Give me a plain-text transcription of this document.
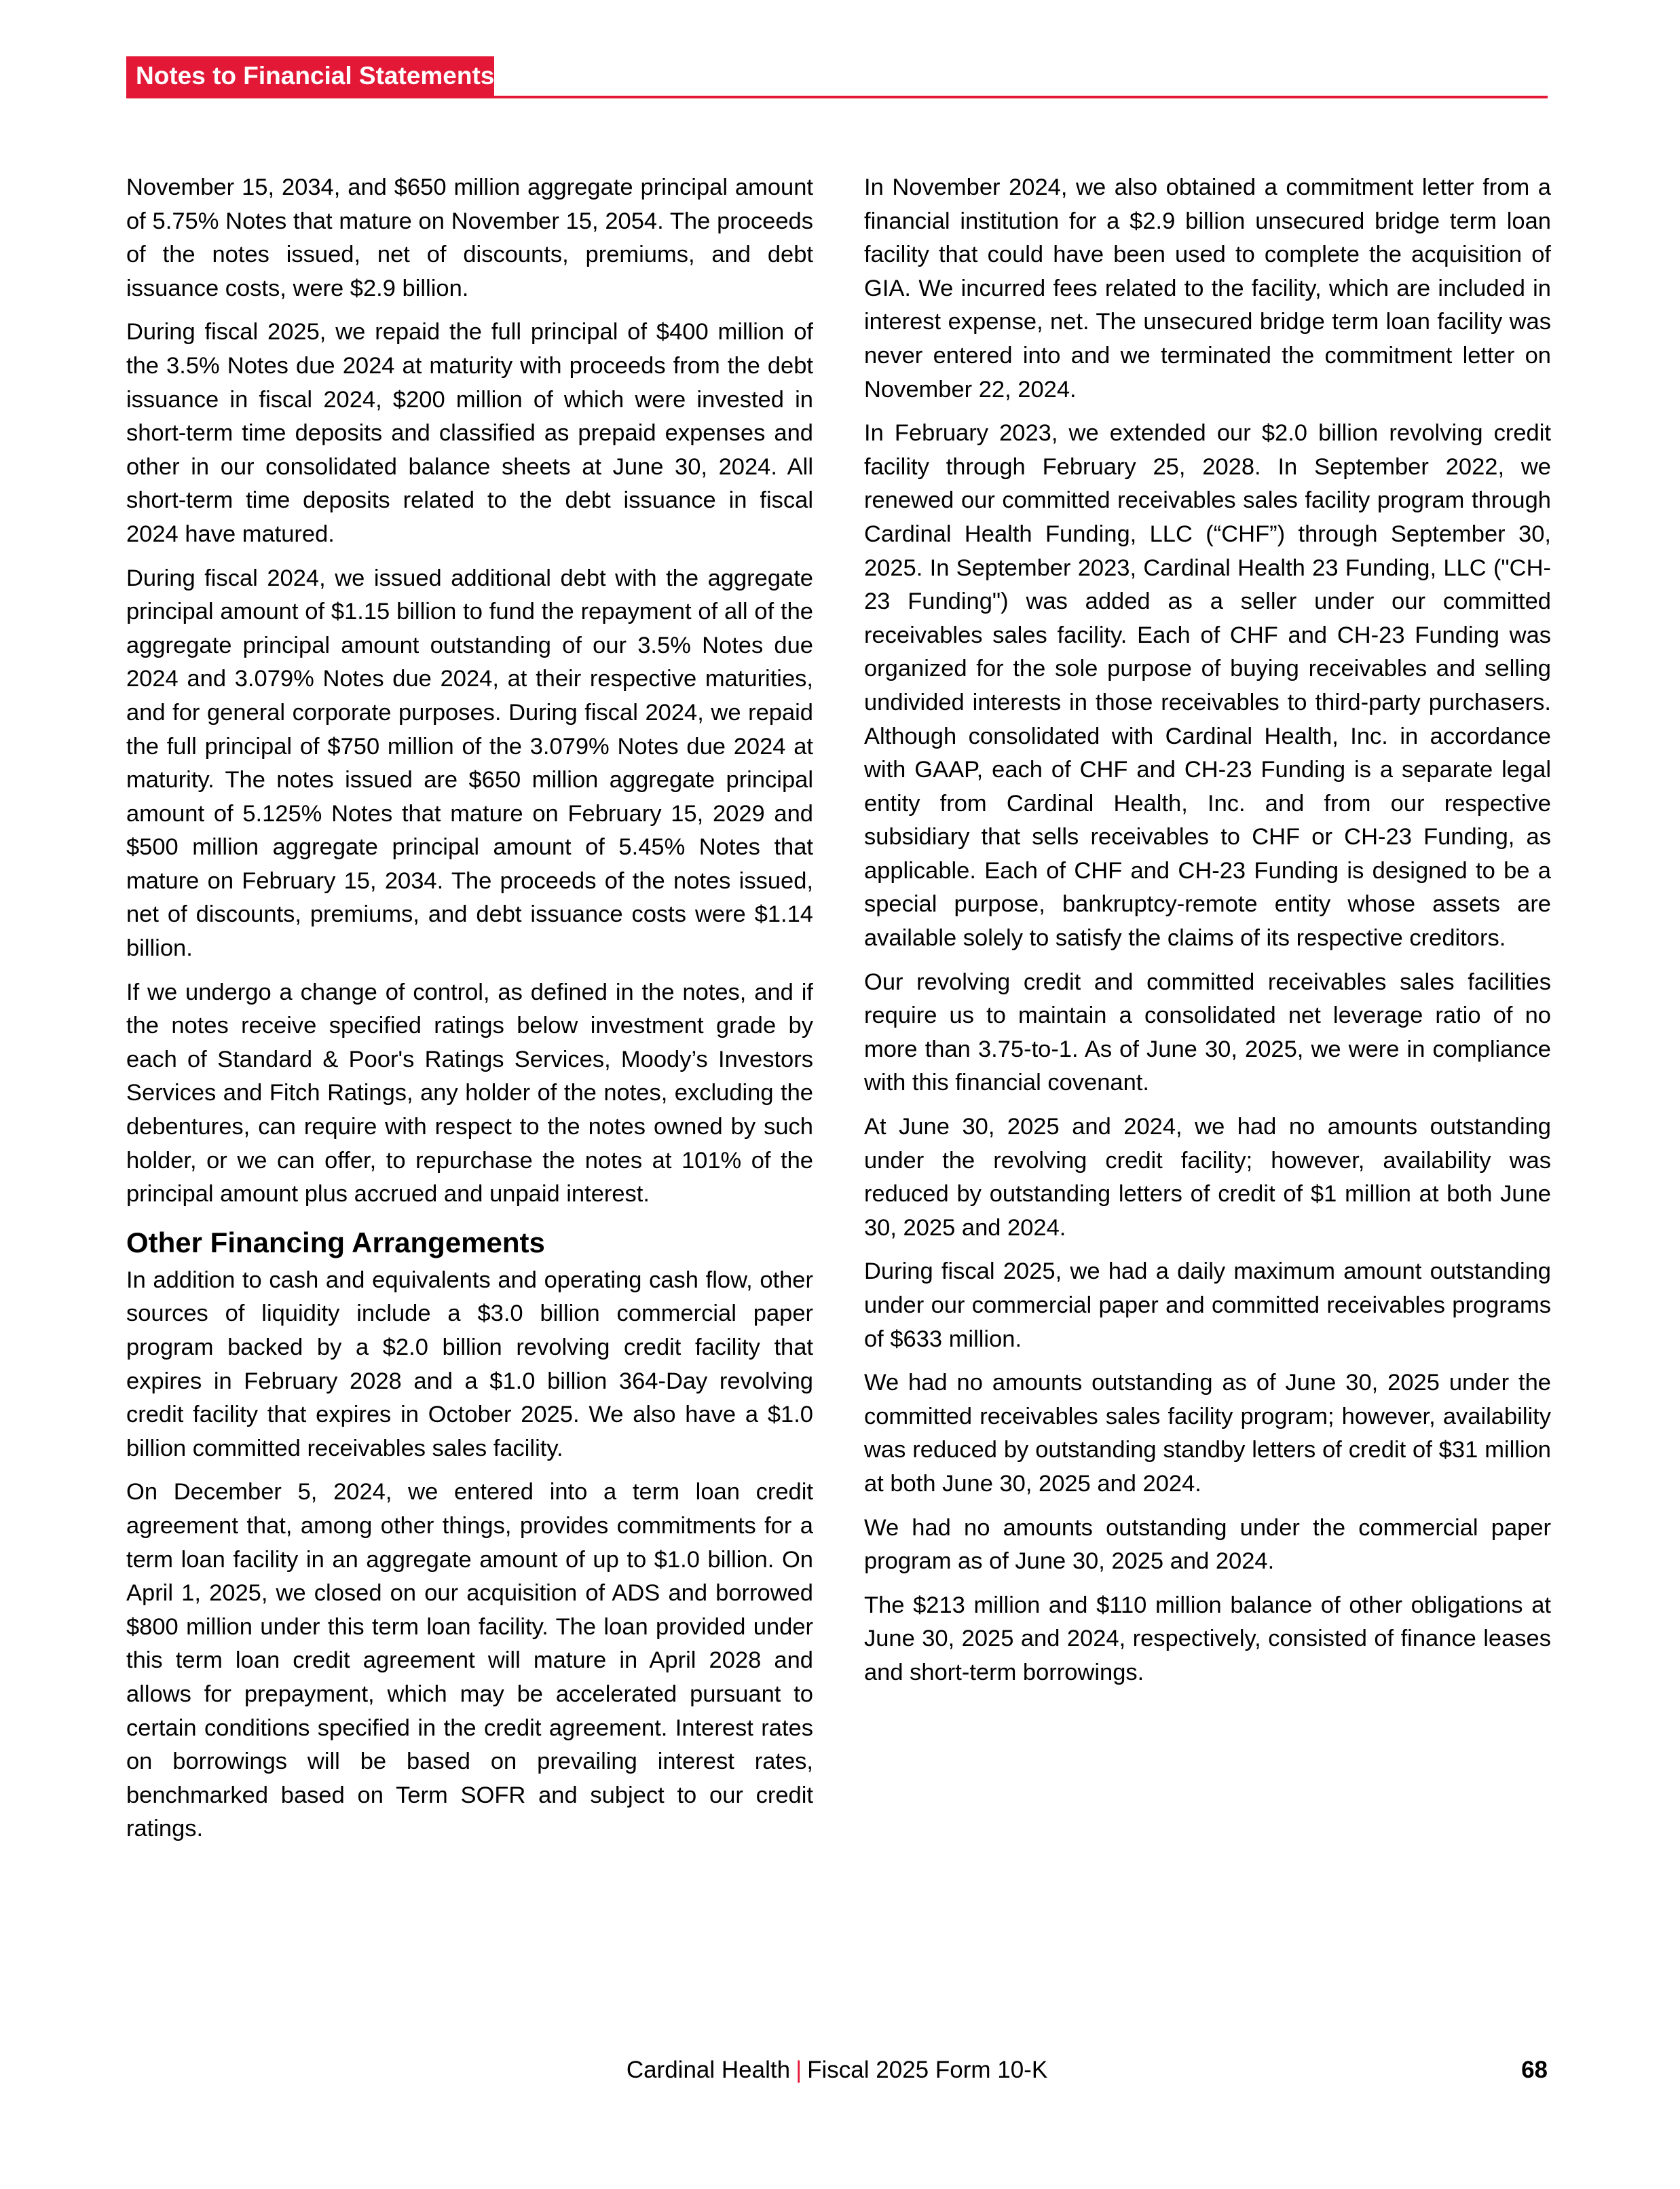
Notes to Financial Statements

November 15, 2034, and $650 million aggregate principal amount of 5.75% Notes that mature on November 15, 2054. The proceeds of the notes issued, net of discounts, premiums, and debt issuance costs, were $2.9 billion.

During fiscal 2025, we repaid the full principal of $400 million of the 3.5% Notes due 2024 at maturity with proceeds from the debt issuance in fiscal 2024, $200 million of which were invested in short-term time deposits and classified as prepaid expenses and other in our consolidated balance sheets at June 30, 2024. All short-term time deposits related to the debt issuance in fiscal 2024 have matured.

During fiscal 2024, we issued additional debt with the aggregate principal amount of $1.15 billion to fund the repayment of all of the aggregate principal amount outstanding of our 3.5% Notes due 2024 and 3.079% Notes due 2024, at their respective maturities, and for general corporate purposes. During fiscal 2024, we repaid the full principal of $750 million of the 3.079% Notes due 2024 at maturity. The notes issued are $650 million aggregate principal amount of 5.125% Notes that mature on February 15, 2029 and $500 million aggregate principal amount of 5.45% Notes that mature on February 15, 2034. The proceeds of the notes issued, net of discounts, premiums, and debt issuance costs were $1.14 billion.

If we undergo a change of control, as defined in the notes, and if the notes receive specified ratings below investment grade by each of Standard & Poor's Ratings Services, Moody’s Investors Services and Fitch Ratings, any holder of the notes, excluding the debentures, can require with respect to the notes owned by such holder, or we can offer, to repurchase the notes at 101% of the principal amount plus accrued and unpaid interest.

Other Financing Arrangements

In addition to cash and equivalents and operating cash flow, other sources of liquidity include a $3.0 billion commercial paper program backed by a $2.0 billion revolving credit facility that expires in February 2028 and a $1.0 billion 364-Day revolving credit facility that expires in October 2025. We also have a $1.0 billion committed receivables sales facility.

On December 5, 2024, we entered into a term loan credit agreement that, among other things, provides commitments for a term loan facility in an aggregate amount of up to $1.0 billion. On April 1, 2025, we closed on our acquisition of ADS and borrowed $800 million under this term loan facility. The loan provided under this term loan credit agreement will mature in April 2028 and allows for prepayment, which may be accelerated pursuant to certain conditions specified in the credit agreement. Interest rates on borrowings will be based on prevailing interest rates, benchmarked based on Term SOFR and subject to our credit ratings.

In November 2024, we also obtained a commitment letter from a financial institution for a $2.9 billion unsecured bridge term loan facility that could have been used to complete the acquisition of GIA. We incurred fees related to the facility, which are included in interest expense, net. The unsecured bridge term loan facility was never entered into and we terminated the commitment letter on November 22, 2024.

In February 2023, we extended our $2.0 billion revolving credit facility through February 25, 2028. In September 2022, we renewed our committed receivables sales facility program through Cardinal Health Funding, LLC (“CHF”) through September 30, 2025. In September 2023, Cardinal Health 23 Funding, LLC ("CH-23 Funding") was added as a seller under our committed receivables sales facility. Each of CHF and CH-23 Funding was organized for the sole purpose of buying receivables and selling undivided interests in those receivables to third-party purchasers. Although consolidated with Cardinal Health, Inc. in accordance with GAAP, each of CHF and CH-23 Funding is a separate legal entity from Cardinal Health, Inc. and from our respective subsidiary that sells receivables to CHF or CH-23 Funding, as applicable. Each of CHF and CH-23 Funding is designed to be a special purpose, bankruptcy-remote entity whose assets are available solely to satisfy the claims of its respective creditors.

Our revolving credit and committed receivables sales facilities require us to maintain a consolidated net leverage ratio of no more than 3.75-to-1. As of June 30, 2025, we were in compliance with this financial covenant.

At June 30, 2025 and 2024, we had no amounts outstanding under the revolving credit facility; however, availability was reduced by outstanding letters of credit of $1 million at both June 30, 2025 and 2024.

During fiscal 2025, we had a daily maximum amount outstanding under our commercial paper and committed receivables programs of $633 million.

We had no amounts outstanding as of June 30, 2025 under the committed receivables sales facility program; however, availability was reduced by outstanding standby letters of credit of $31 million at both June 30, 2025 and 2024.

We had no amounts outstanding under the commercial paper program as of June 30, 2025 and 2024.

The $213 million and $110 million balance of other obligations at June 30, 2025 and 2024, respectively, consisted of finance leases and short-term borrowings.

Cardinal Health | Fiscal 2025 Form 10-K	68
